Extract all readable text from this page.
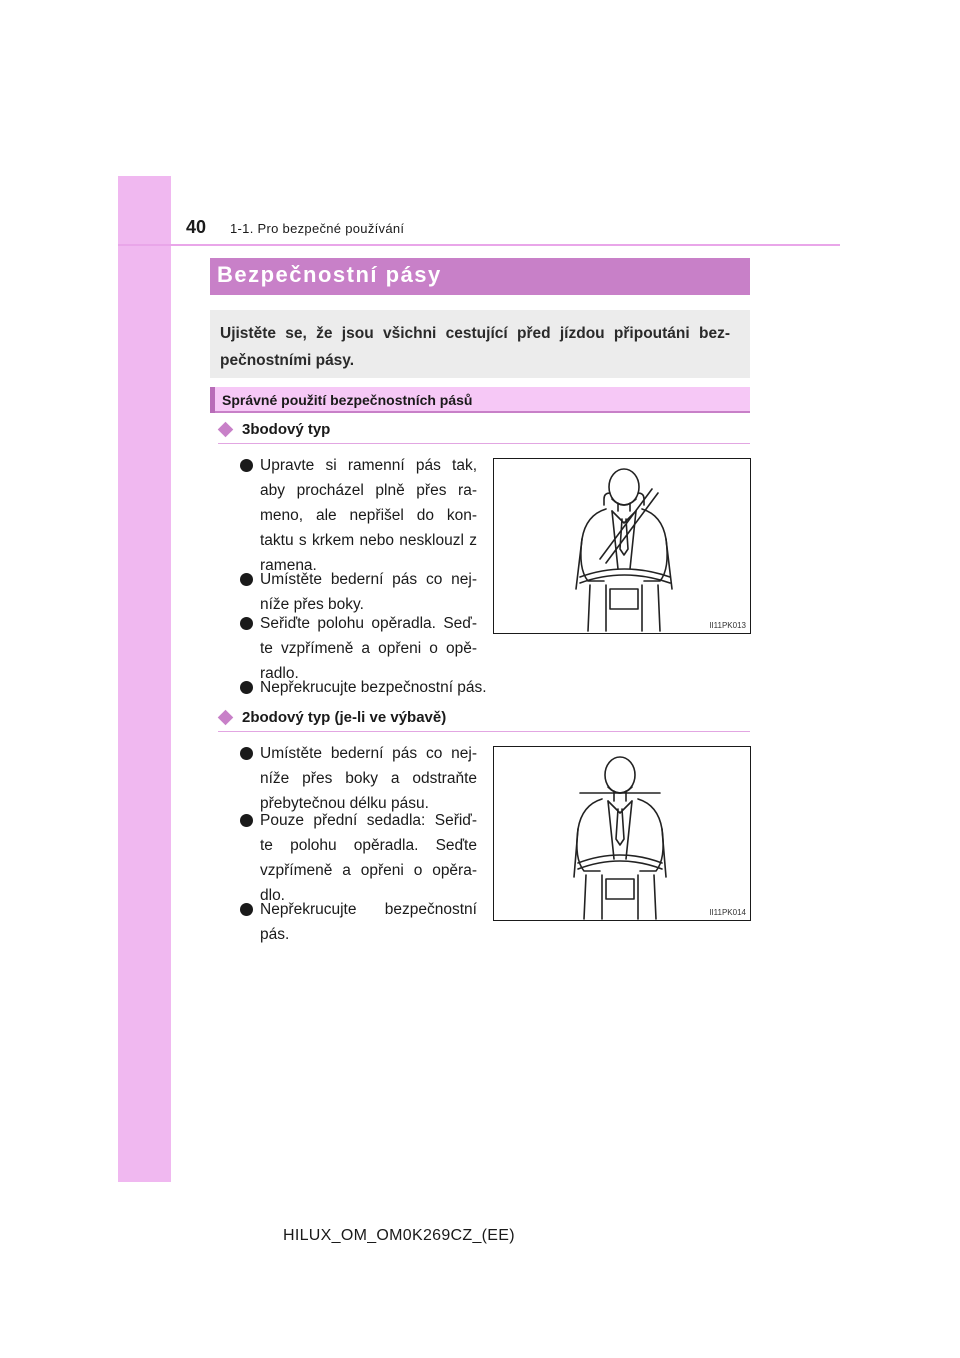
40 1-1. Pro bezpečné používání
Bezpečnostní pásy
Ujistěte se, že jsou všichni cestující před jízdou připoutáni bez- pečnostními pásy.
Správné použití bezpečnostních pásů
3bodový typ
Upravte si ramenní pás tak, aby procházel plně přes ra- meno, ale nepřišel do kon- taktu s krkem nebo nesklouzl z ramena.
Umístěte bederní pás co nej- níže přes boky.
Seřiďte polohu opěradla. Seď- te vzpřímeně a opřeni o opě- radlo.
Nepřekrucujte bezpečnostní pás.
II11PK013
2bodový typ (je-li ve výbavě)
Umístěte bederní pás co nej- níže přes boky a odstraňte přebytečnou délku pásu.
Pouze přední sedadla: Seřiď- te polohu opěradla. Seďte vzpřímeně a opřeni o opěra- dlo.
Nepřekrucujte bezpečnostní pás.
II11PK014
HILUX_OM_OM0K269CZ_(EE)
